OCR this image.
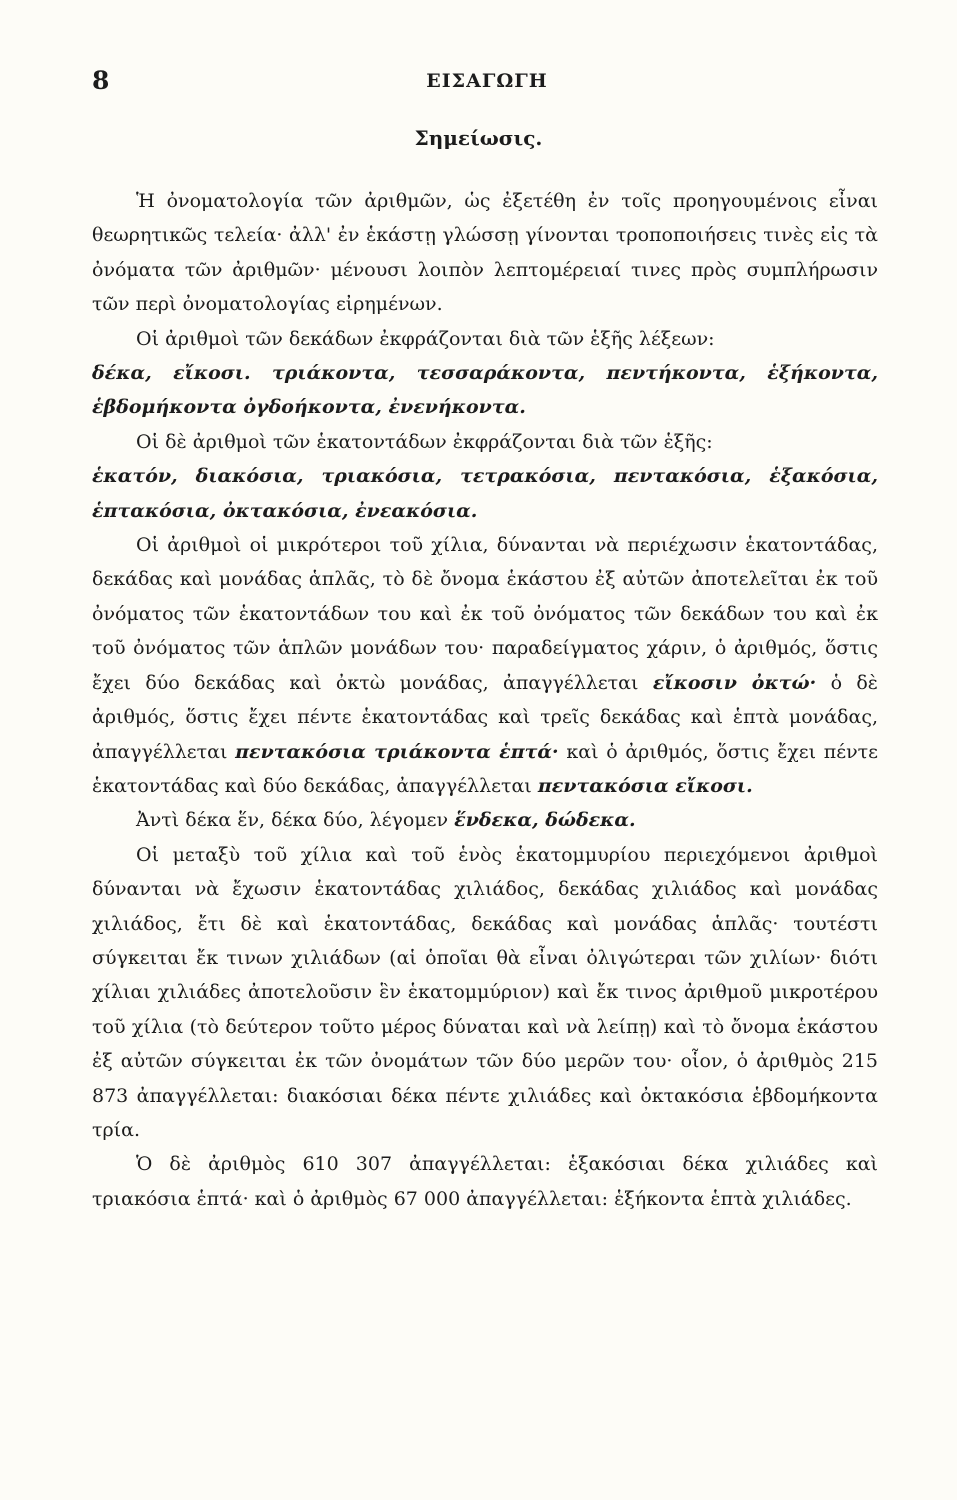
8	ΕΙΣΑΓΩΓΗ
Σημείωσις.

Ἡ ὀνοματολογία τῶν ἀριθμῶν, ὡς ἐξετέθη ἐν τοῖς προηγουμένοις εἶναι θεωρητικῶς τελεία· ἀλλ' ἐν ἑκάστῃ γλώσσῃ γίνονται τροποποιήσεις τινὲς εἰς τὰ ὀνόματα τῶν ἀριθμῶν· μένουσι λοιπὸν λεπτομέρειαί τινες πρὸς συμπλήρωσιν τῶν περὶ ὀνοματολογίας εἰρημένων.

Οἱ ἀριθμοὶ τῶν δεκάδων ἐκφράζονται διὰ τῶν ἑξῆς λέξεων:

δέκα, εἴκοσι. τριάκοντα, τεσσαράκοντα, πεντήκοντα, ἑξήκοντα, ἑβδομήκοντα ὀγδοήκοντα, ἐνενήκοντα.

Οἱ δὲ ἀριθμοὶ τῶν ἑκατοντάδων ἐκφράζονται διὰ τῶν ἑξῆς:

ἑκατόν, διακόσια, τριακόσια, τετρακόσια, πεντακόσια, ἑξακόσια, ἑπτακόσια, ὀκτακόσια, ἐνεακόσια.

Οἱ ἀριθμοὶ οἱ μικρότεροι τοῦ χίλια, δύνανται νὰ περιέχωσιν ἑκατοντάδας, δεκάδας καὶ μονάδας ἁπλᾶς, τὸ δὲ ὄνομα ἑκάστου ἐξ αὐτῶν ἀποτελεῖται ἐκ τοῦ ὀνόματος τῶν ἑκατοντάδων του καὶ ἐκ τοῦ ὀνόματος τῶν δεκάδων του καὶ ἐκ τοῦ ὀνόματος τῶν ἁπλῶν μονάδων του· παραδείγματος χάριν, ὁ ἀριθμός, ὅστις ἔχει δύο δεκάδας καὶ ὀκτὼ μονάδας, ἀπαγγέλλεται εἴκοσιν ὀκτώ· ὁ δὲ ἀριθμός, ὅστις ἔχει πέντε ἑκατοντάδας καὶ τρεῖς δεκάδας καὶ ἑπτὰ μονάδας, ἀπαγγέλλεται πεντακόσια τριάκοντα ἑπτά· καὶ ὁ ἀριθμός, ὅστις ἔχει πέντε ἑκατοντάδας καὶ δύο δεκάδας, ἀπαγγέλλεται πεντακόσια εἴκοσι.

Ἀντὶ δέκα ἕν, δέκα δύο, λέγομεν ἕνδεκα, δώδεκα.

Οἱ μεταξὺ τοῦ χίλια καὶ τοῦ ἑνὸς ἑκατομμυρίου περιεχόμενοι ἀριθμοὶ δύνανται νὰ ἔχωσιν ἑκατοντάδας χιλιάδος, δεκάδας χιλιάδος καὶ μονάδας χιλιάδος, ἔτι δὲ καὶ ἑκατοντάδας, δεκάδας καὶ μονάδας ἁπλᾶς· τουτέστι σύγκειται ἔκ τινων χιλιάδων (αἱ ὁποῖαι θὰ εἶναι ὀλιγώτεραι τῶν χιλίων· διότι χίλιαι χιλιάδες ἀποτελοῦσιν ἓν ἑκατομμύριον) καὶ ἔκ τινος ἀριθμοῦ μικροτέρου τοῦ χίλια (τὸ δεύτερον τοῦτο μέρος δύναται καὶ νὰ λείπῃ) καὶ τὸ ὄνομα ἑκάστου ἐξ αὐτῶν σύγκειται ἐκ τῶν ὀνομάτων τῶν δύο μερῶν του· οἷον, ὁ ἀριθμὸς 215 873 ἀπαγγέλλεται: διακόσιαι δέκα πέντε χιλιάδες καὶ ὀκτακόσια ἑβδομήκοντα τρία.

Ὁ δὲ ἀριθμὸς 610 307 ἀπαγγέλλεται: ἑξακόσιαι δέκα χιλιάδες καὶ τριακόσια ἑπτά· καὶ ὁ ἀριθμὸς 67 000 ἀπαγγέλλεται: ἑξήκοντα ἑπτὰ χιλιάδες.
